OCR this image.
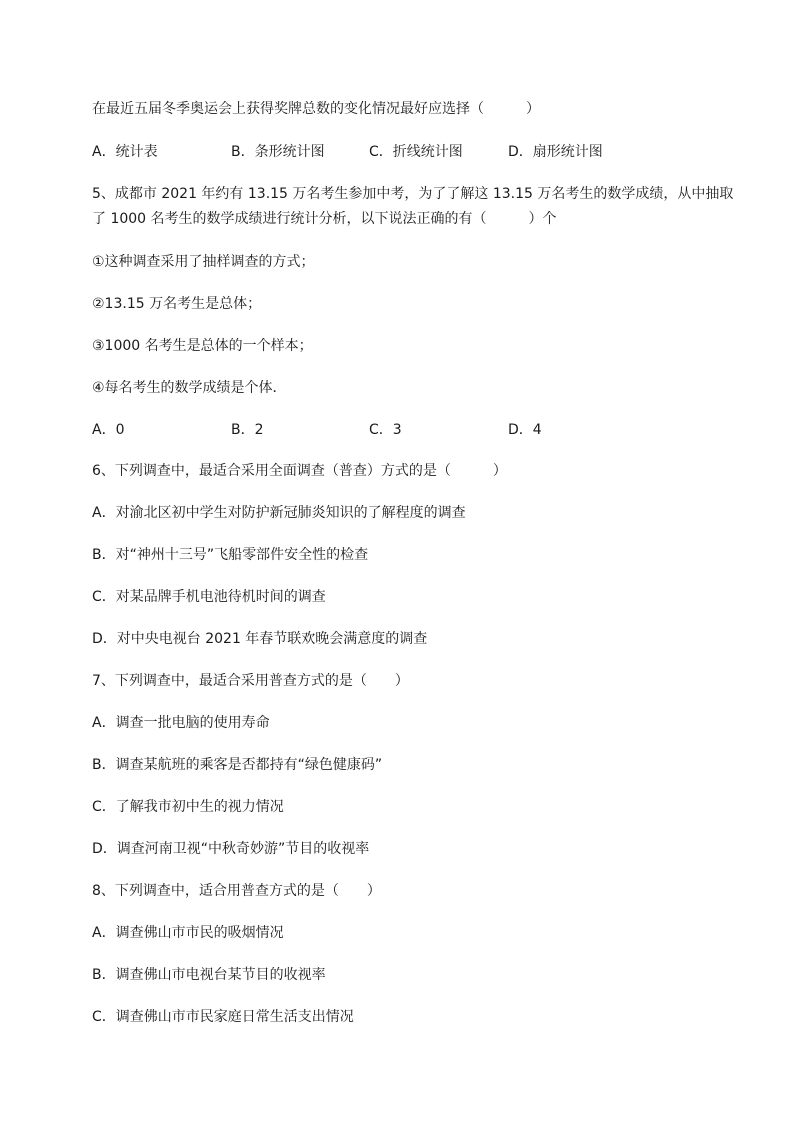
在最近五届冬季奥运会上获得奖牌总数的变化情况最好应选择（　　　）
A．统计表	B．条形统计图	C．折线统计图	D．扇形统计图
5、成都市 2021 年约有 13.15 万名考生参加中考，为了了解这 13.15 万名考生的数学成绩，从中抽取
了 1000 名考生的数学成绩进行统计分析，以下说法正确的有（　　　）个
①这种调查采用了抽样调查的方式；
②13.15 万名考生是总体；
③1000 名考生是总体的一个样本；
④每名考生的数学成绩是个体．
A．0	B．2	C．3	D．4
6、下列调查中，最适合采用全面调查（普查）方式的是（　　　）
A．对渝北区初中学生对防护新冠肺炎知识的了解程度的调查
B．对“神州十三号”飞船零部件安全性的检查
C．对某品牌手机电池待机时间的调查
D．对中央电视台 2021 年春节联欢晚会满意度的调查
7、下列调查中，最适合采用普查方式的是（　　）
A．调查一批电脑的使用寿命
B．调查某航班的乘客是否都持有“绿色健康码”
C．了解我市初中生的视力情况
D．调查河南卫视“中秋奇妙游”节目的收视率
8、下列调查中，适合用普查方式的是（　　）
A．调查佛山市市民的吸烟情况
B．调查佛山市电视台某节目的收视率
C．调查佛山市市民家庭日常生活支出情况
